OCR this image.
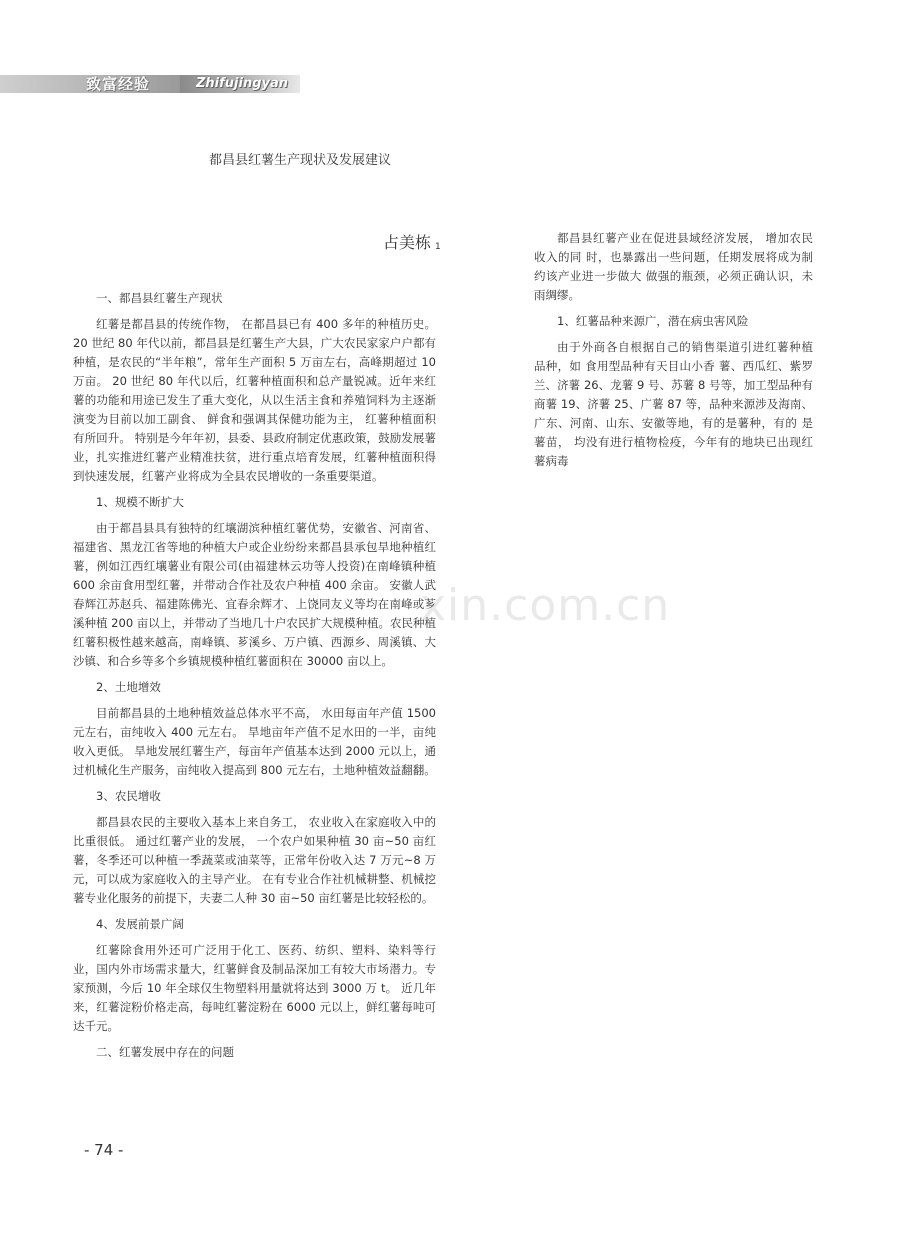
致富经验	Zhifujingyan
都昌县红薯生产现状及发展建议
占美栋 $^1$

一、都昌县红薯生产现状

红薯是都昌县的传统作物， 在都昌县已有 400 多年的种植历史。 20 世纪 80 年代以前，都昌县是红薯生产大县，广大农民家家户户都有种植，是农民的“半年粮”，常年生产面积 5 万亩左右，高峰期超过 10 万亩。 20 世纪 80 年代以后，红薯种植面积和总产量锐减。近年来红薯的功能和用途已发生了重大变化，从以生活主食和养殖饲料为主逐渐演变为目前以加工副食、 鲜食和强调其保健功能为主， 红薯种植面积有所回升。 特别是今年年初，县委、县政府制定优惠政策，鼓励发展薯业，扎实推进红薯产业精准扶贫，进行重点培育发展，红薯种植面积得到快速发展，红薯产业将成为全县农民增收的一条重要渠道。

1、规模不断扩大

由于都昌县具有独特的红壤湖滨种植红薯优势，安徽省、河南省、福建省、黑龙江省等地的种植大户或企业纷纷来都昌县承包旱地种植红薯，例如江西红壤薯业有限公司(由福建林云功等人投资)在南峰镇种植600 余亩食用型红薯，并带动合作社及农户种植 400 余亩。 安徽人武春辉江苏赵兵、福建陈佛光、宜春余辉才、上饶同友义等均在南峰或芗溪种植 200 亩以上，并带动了当地几十户农民扩大规模种植。农民种植红薯积极性越来越高，南峰镇、芗溪乡、万户镇、西源乡、周溪镇、大沙镇、和合乡等多个乡镇规模种植红薯面积在 30000 亩以上。

2、土地增效

目前都昌县的土地种植效益总体水平不高， 水田每亩年产值 1500 元左右，亩纯收入 400 元左右。 旱地亩年产值不足水田的一半，亩纯收入更低。 旱地发展红薯生产，每亩年产值基本达到 2000 元以上，通过机械化生产服务，亩纯收入提高到 800 元左右，土地种植效益翻翻。

3、农民增收

都昌县农民的主要收入基本上来自务工， 农业收入在家庭收入中的比重很低。 通过红薯产业的发展， 一个农户如果种植 30 亩~50 亩红薯，冬季还可以种植一季蔬菜或油菜等，正常年份收入达 7 万元~8 万元，可以成为家庭收入的主导产业。 在有专业合作社机械耕整、机械挖薯专业化服务的前提下，夫妻二人种 30 亩~50 亩红薯是比较轻松的。

4、发展前景广阔

红薯除食用外还可广泛用于化工、医药、纺织、塑料、染料等行业，国内外市场需求量大，红薯鲜食及制品深加工有较大市场潜力。专家预测，今后 10 年全球仅生物塑料用量就将达到 3000 万 t。 近几年来，红薯淀粉价格走高，每吨红薯淀粉在 6000 元以上，鲜红薯每吨可达千元。

二、红薯发展中存在的问题

都昌县红薯产业在促进县域经济发展， 增加农民收入的同 时，也暴露出一些问题，任期发展将成为制约该产业进一步做大 做强的瓶颈，必须正确认识，未雨绸缪。

1、红薯品种来源广，潜在病虫害风险

由于外商各自根据自己的销售渠道引进红薯种植 品种，如 食用型品种有天目山小香 薯、西瓜红、紫罗兰、济薯 26、龙薯 9 号、苏薯 8 号等，加工型品种有商薯 19、济薯 25、广薯 87 等，品种来源涉及海南、广东、河南、山东、安徽等地，有的是薯种，有的 是薯苗， 均没有进行植物检疫，今年有的地块已出现红薯病毒

xin.com.cn
- 74 -
